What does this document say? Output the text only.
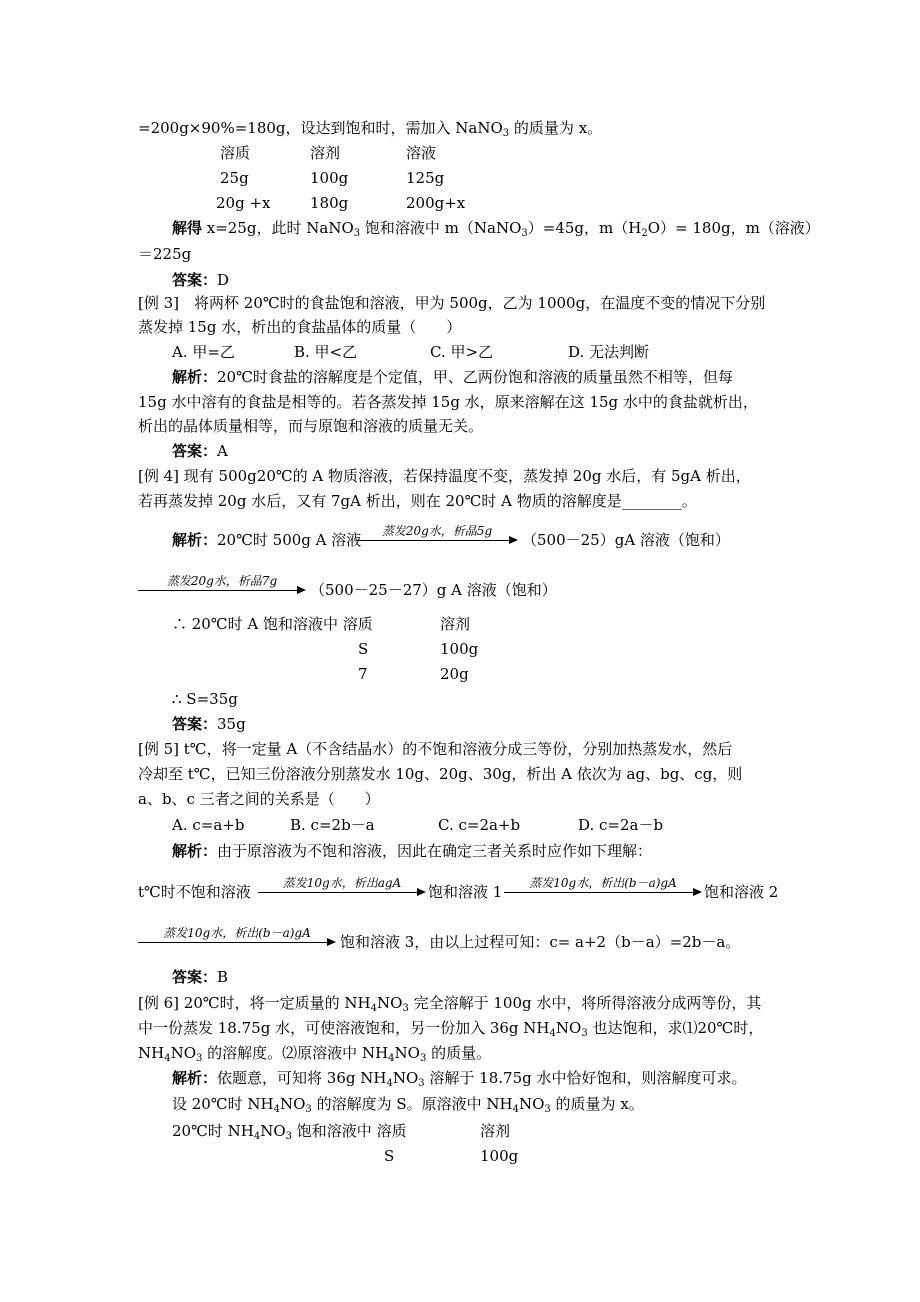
=200g×90%=180g，设达到饱和时，需加入 NaNO$_3$ 的质量为 x。
溶质	溶剂	溶液
25g	100g	125g
20g +x	180g	200g+x
解得 x=25g，此时 NaNO$_3$ 饱和溶液中 m（NaNO$_3$）=45g，$m(H_2O)= 180g$，m（溶液）
＝225g
答案：D
[例 3]　将两杯 20℃时的食盐饱和溶液，甲为 500g，乙为 1000g，在温度不变的情况下分别
蒸发掉 15g 水，析出的食盐晶体的质量（　　）
A. 甲=乙	B. 甲<乙	C. 甲>乙	D. 无法判断
解析：20℃时食盐的溶解度是个定值，甲、乙两份饱和溶液的质量虽然不相等，但每
15g 水中溶有的食盐是相等的。若各蒸发掉 15g 水，原来溶解在这 15g 水中的食盐就析出，
析出的晶体质量相等，而与原饱和溶液的质量无关。
答案：A
[例 4] 现有 500g20℃的 A 物质溶液，若保持温度不变，蒸发掉 20g 水后，有 5gA 析出，
若再蒸发掉 20g 水后，又有 7gA 析出，则在 20℃时 A 物质的溶解度是________。
解析：20℃时 500g A 溶液	蒸发20g水，析晶5g	（500－25）gA 溶液（饱和）
蒸发20g水，析晶7g	（500－25－27）g A 溶液（饱和）
∴ 20℃时 A 饱和溶液中 溶质	溶剂
S	100g
7	20g
∴ S=35g
答案：35g
[例 5] t℃，将一定量 A（不含结晶水）的不饱和溶液分成三等份，分别加热蒸发水，然后
冷却至 t℃，已知三份溶液分别蒸发水 10g、20g、30g，析出 A 依次为 ag、bg、cg，则
a、b、c 三者之间的关系是（　　）
A. c=a+b	B. c=2b－a	C. c=2a+b	D. c=2a－b
解析：由于原溶液为不饱和溶液，因此在确定三者关系时应作如下理解：
t℃时不饱和溶液	蒸发10g水，析出agA	饱和溶液 1	蒸发10g水，析出(b－a)gA	饱和溶液 2
蒸发10g水，析出(b－a)gA	饱和溶液 3，由以上过程可知：c= a+2（b－a）=2b－a。
答案：B
[例 6] 20℃时，将一定质量的 $NH_4NO_3$ 完全溶解于 100g 水中，将所得溶液分成两等份，其
中一份蒸发 18.75g 水，可使溶液饱和，另一份加入 36g $NH_4NO_3$ 也达饱和，求⑴20℃时，
$NH_4NO_3$ 的溶解度。⑵原溶液中 $NH_4NO_3$ 的质量。
解析：依题意，可知将 36g $NH_4NO_3$ 溶解于 18.75g 水中恰好饱和，则溶解度可求。
设 20℃时 $NH_4NO_3$ 的溶解度为 S。原溶液中 $NH_4NO_3$ 的质量为 x。
20℃时 $NH_4NO_3$ 饱和溶液中 溶质	溶剂
S	100g
